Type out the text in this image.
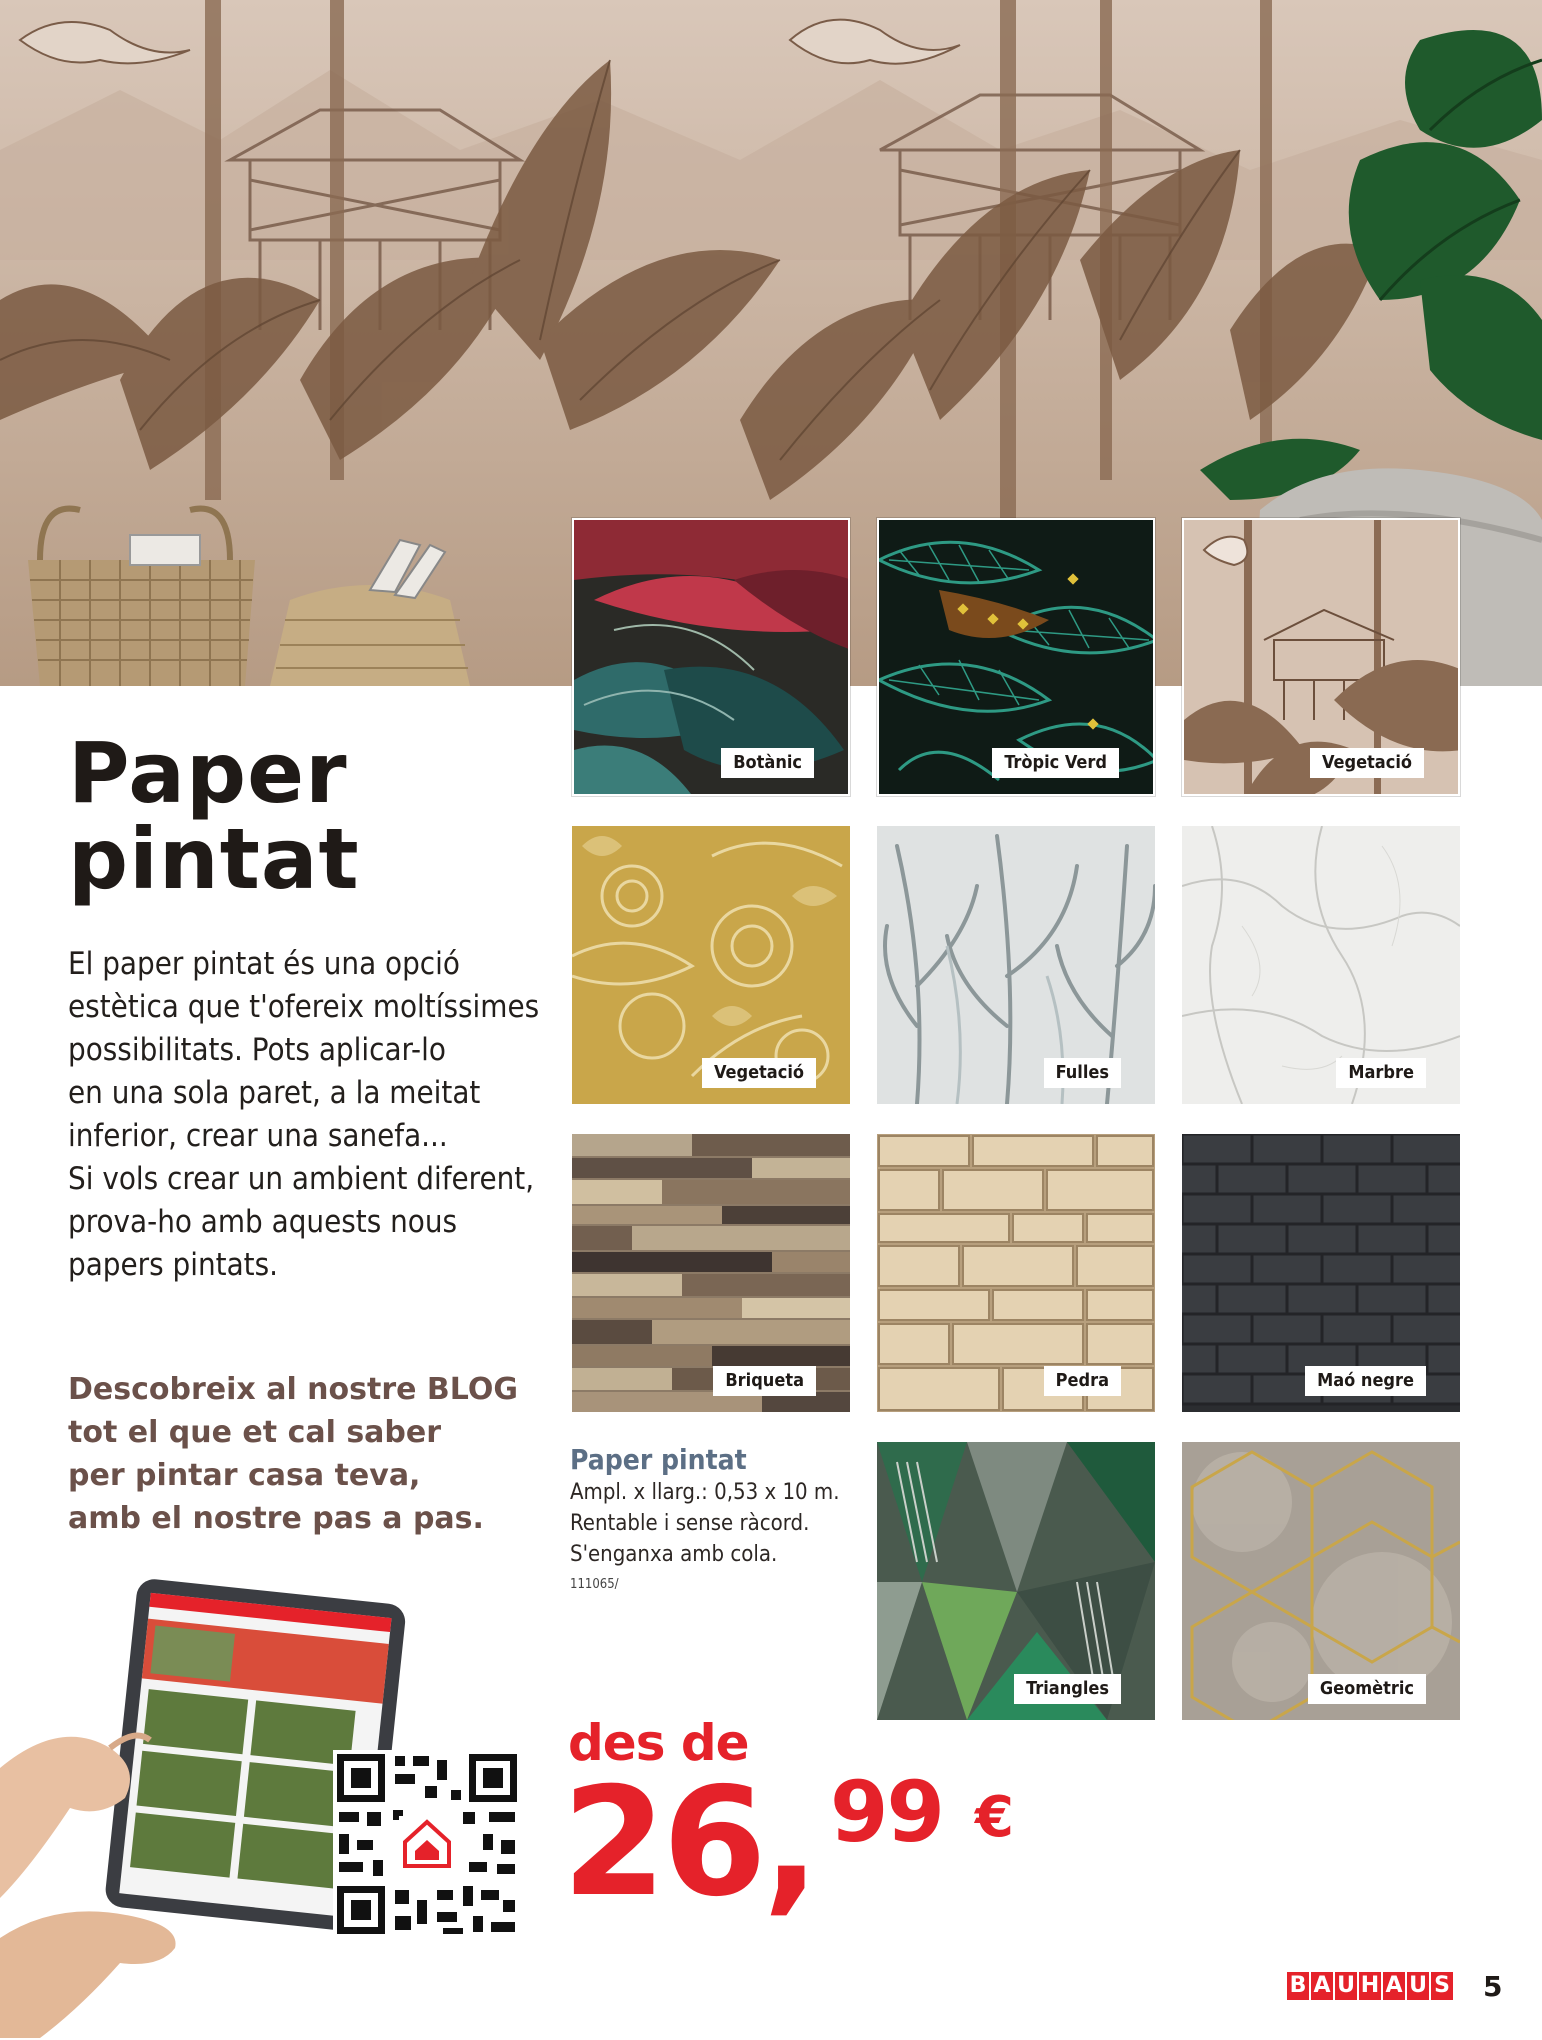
Paper
pintat

El paper pintat és una opció
estètica que t'ofereix moltíssimes
possibilitats. Pots aplicar-lo
en una sola paret, a la meitat
inferior, crear una sanefa...
Si vols crear un ambient diferent,
prova-ho amb aquests nous
papers pintats.

Descobreix al nostre BLOG
tot el que et cal saber
per pintar casa teva,
amb el nostre pas a pas.

Botànic	Tròpic Verd	Vegetació
Vegetació	Fulles	Marbre
Briqueta	Pedra	Maó negre
Triangles	Geomètric
Paper pintat
Ampl. x llarg.: 0,53 x 10 m.
Rentable i sense ràcord.
S'enganxa amb cola.
111065/
des de
26, 99 €
B A U H A U S 5
